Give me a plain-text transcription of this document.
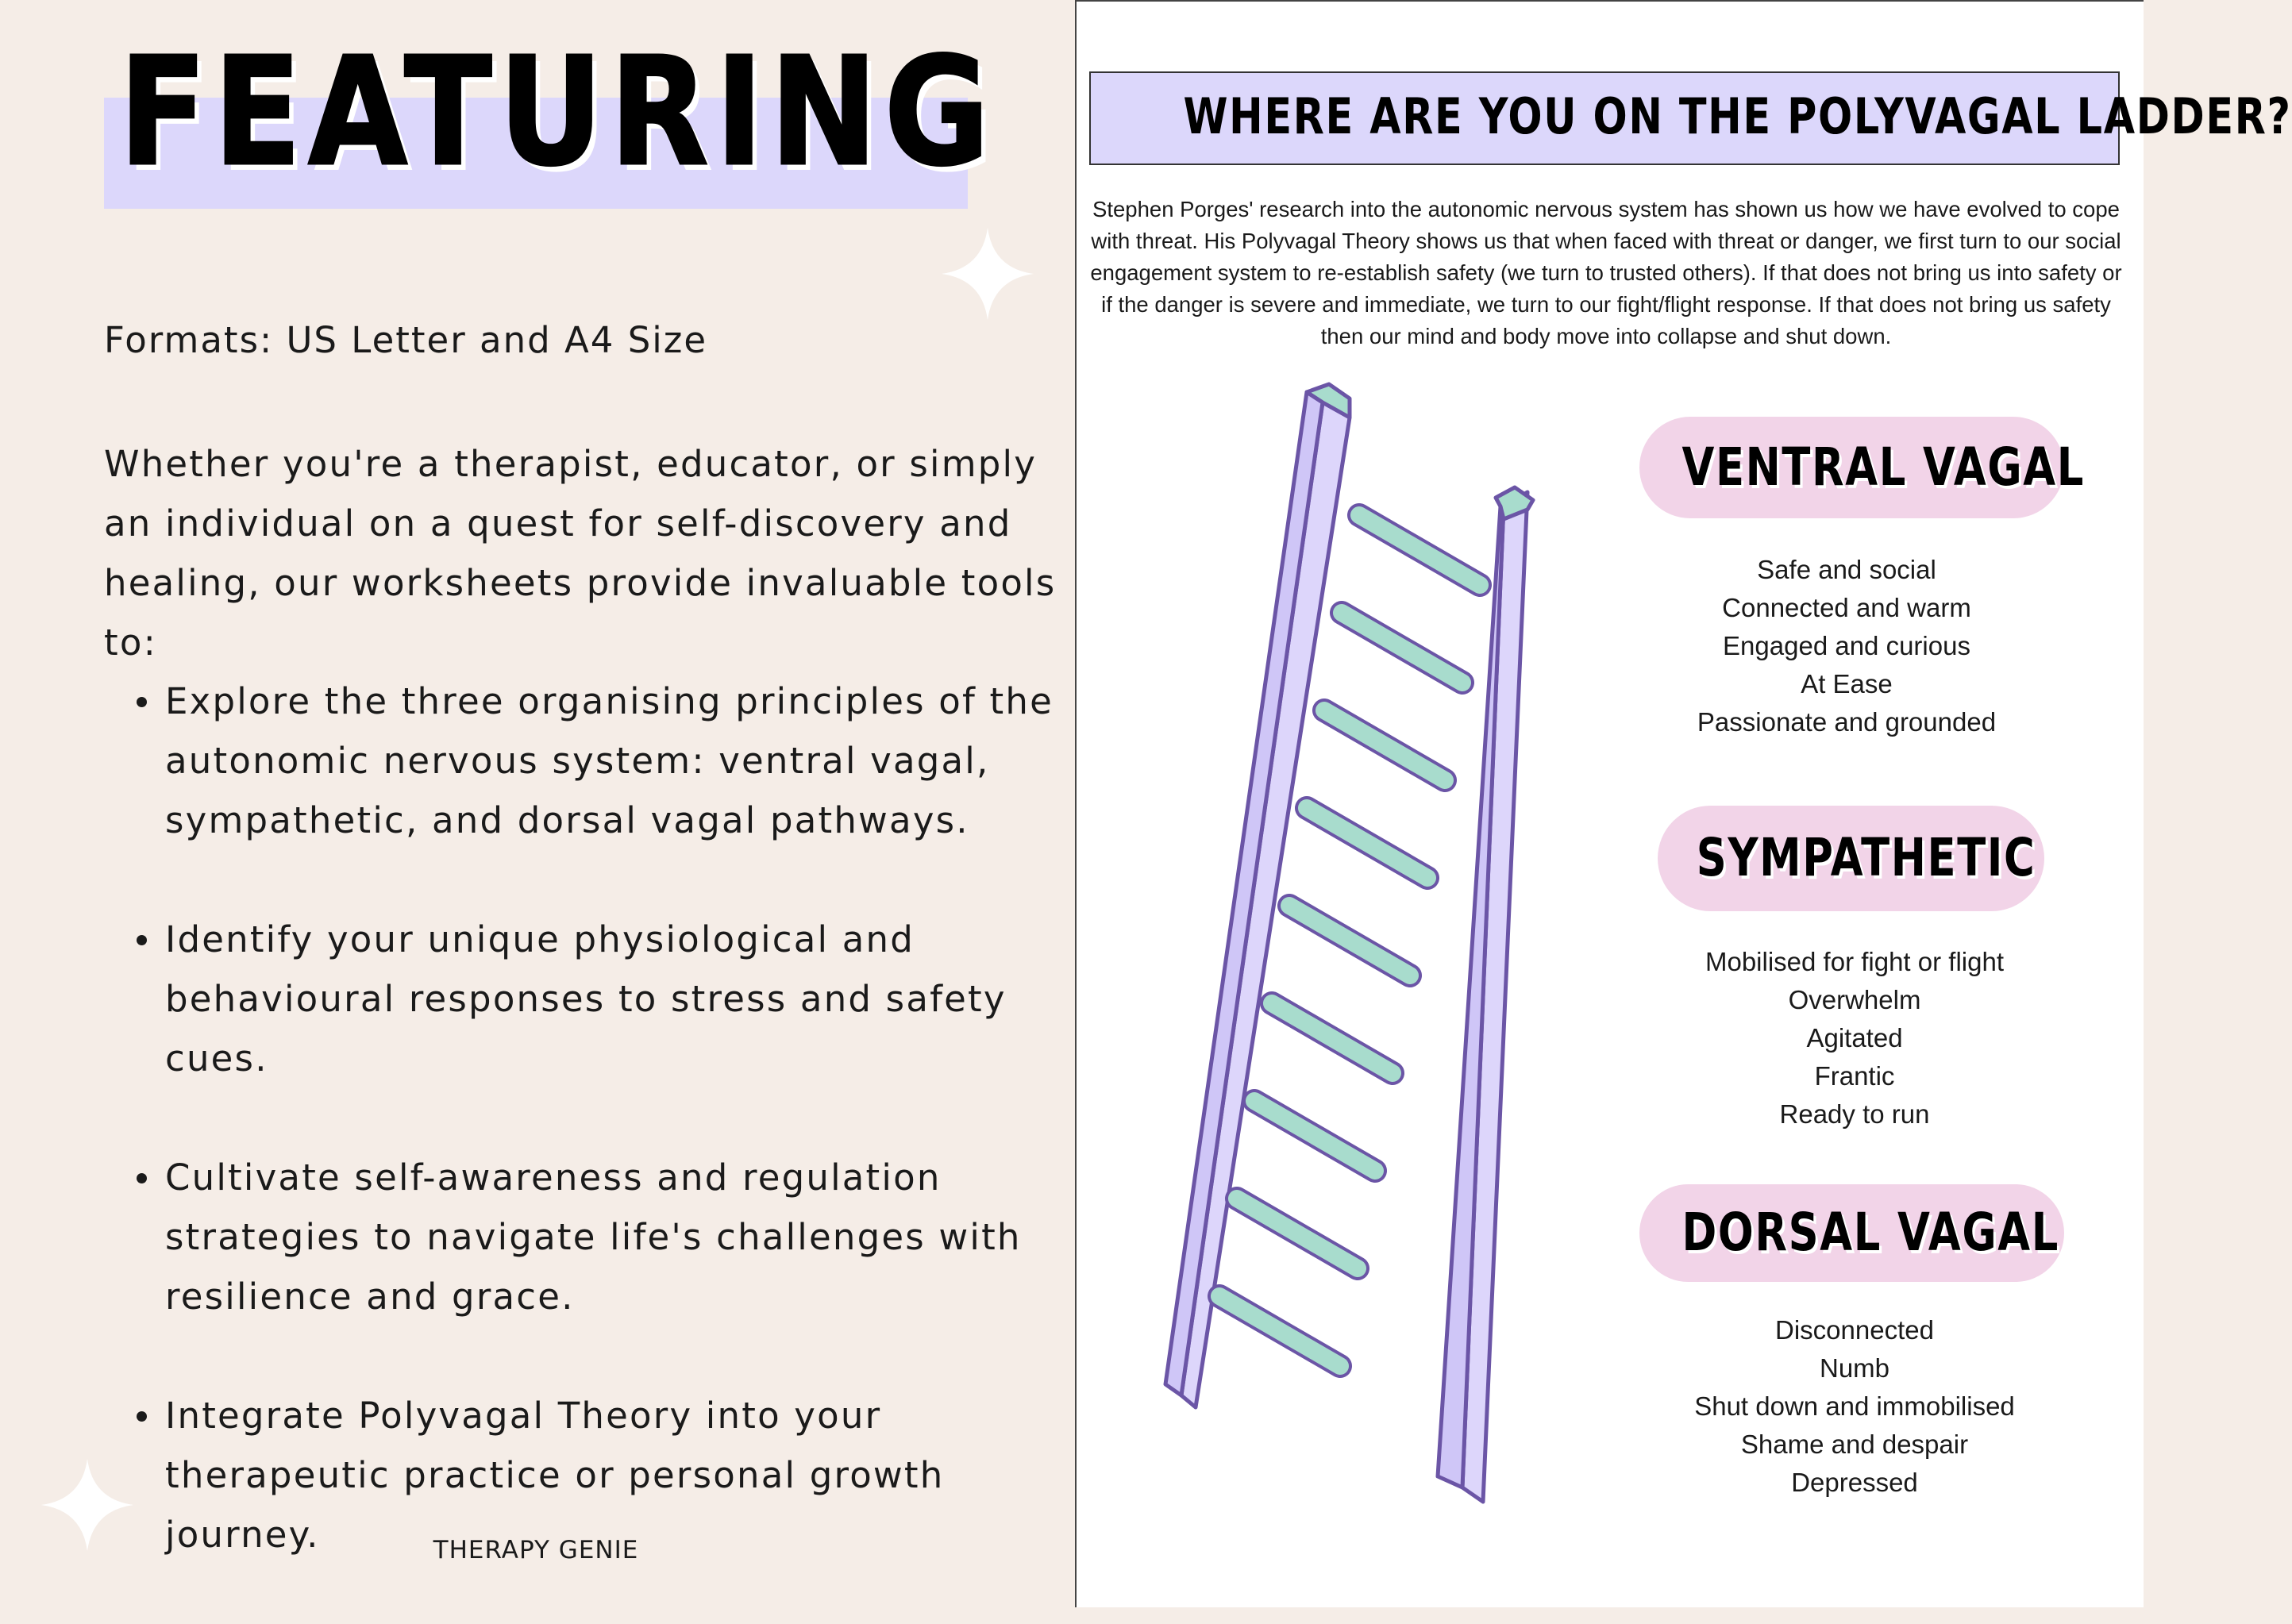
FEATURING

Formats: US Letter and A4 Size

Whether you're a therapist, educator, or simply an individual on a quest for self-discovery and healing, our worksheets provide invaluable tools to:

Explore the three organising principles of the autonomic nervous system: ventral vagal, sympathetic, and dorsal vagal pathways.
Identify your unique physiological and behavioural responses to stress and safety cues.
Cultivate self-awareness and regulation strategies to navigate life's challenges with resilience and grace.
Integrate Polyvagal Theory into your therapeutic practice or personal growth journey.	THERAPY GENIE

WHERE ARE YOU ON THE POLYVAGAL LADDER?

Stephen Porges' research into the autonomic nervous system has shown us how we have evolved to cope with threat. His Polyvagal Theory shows us that when faced with threat or danger, we first turn to our social engagement system to re-establish safety (we turn to trusted others). If that does not bring us into safety or if the danger is severe and immediate, we turn to our fight/flight response. If that does not bring us safety then our mind and body move into collapse and shut down.

VENTRAL VAGAL
Safe and social
Connected and warm
Engaged and curious
At Ease
Passionate and grounded
SYMPATHETIC
Mobilised for fight or flight
Overwhelm
Agitated
Frantic
Ready to run
DORSAL VAGAL
Disconnected
Numb
Shut down and immobilised
Shame and despair
Depressed
